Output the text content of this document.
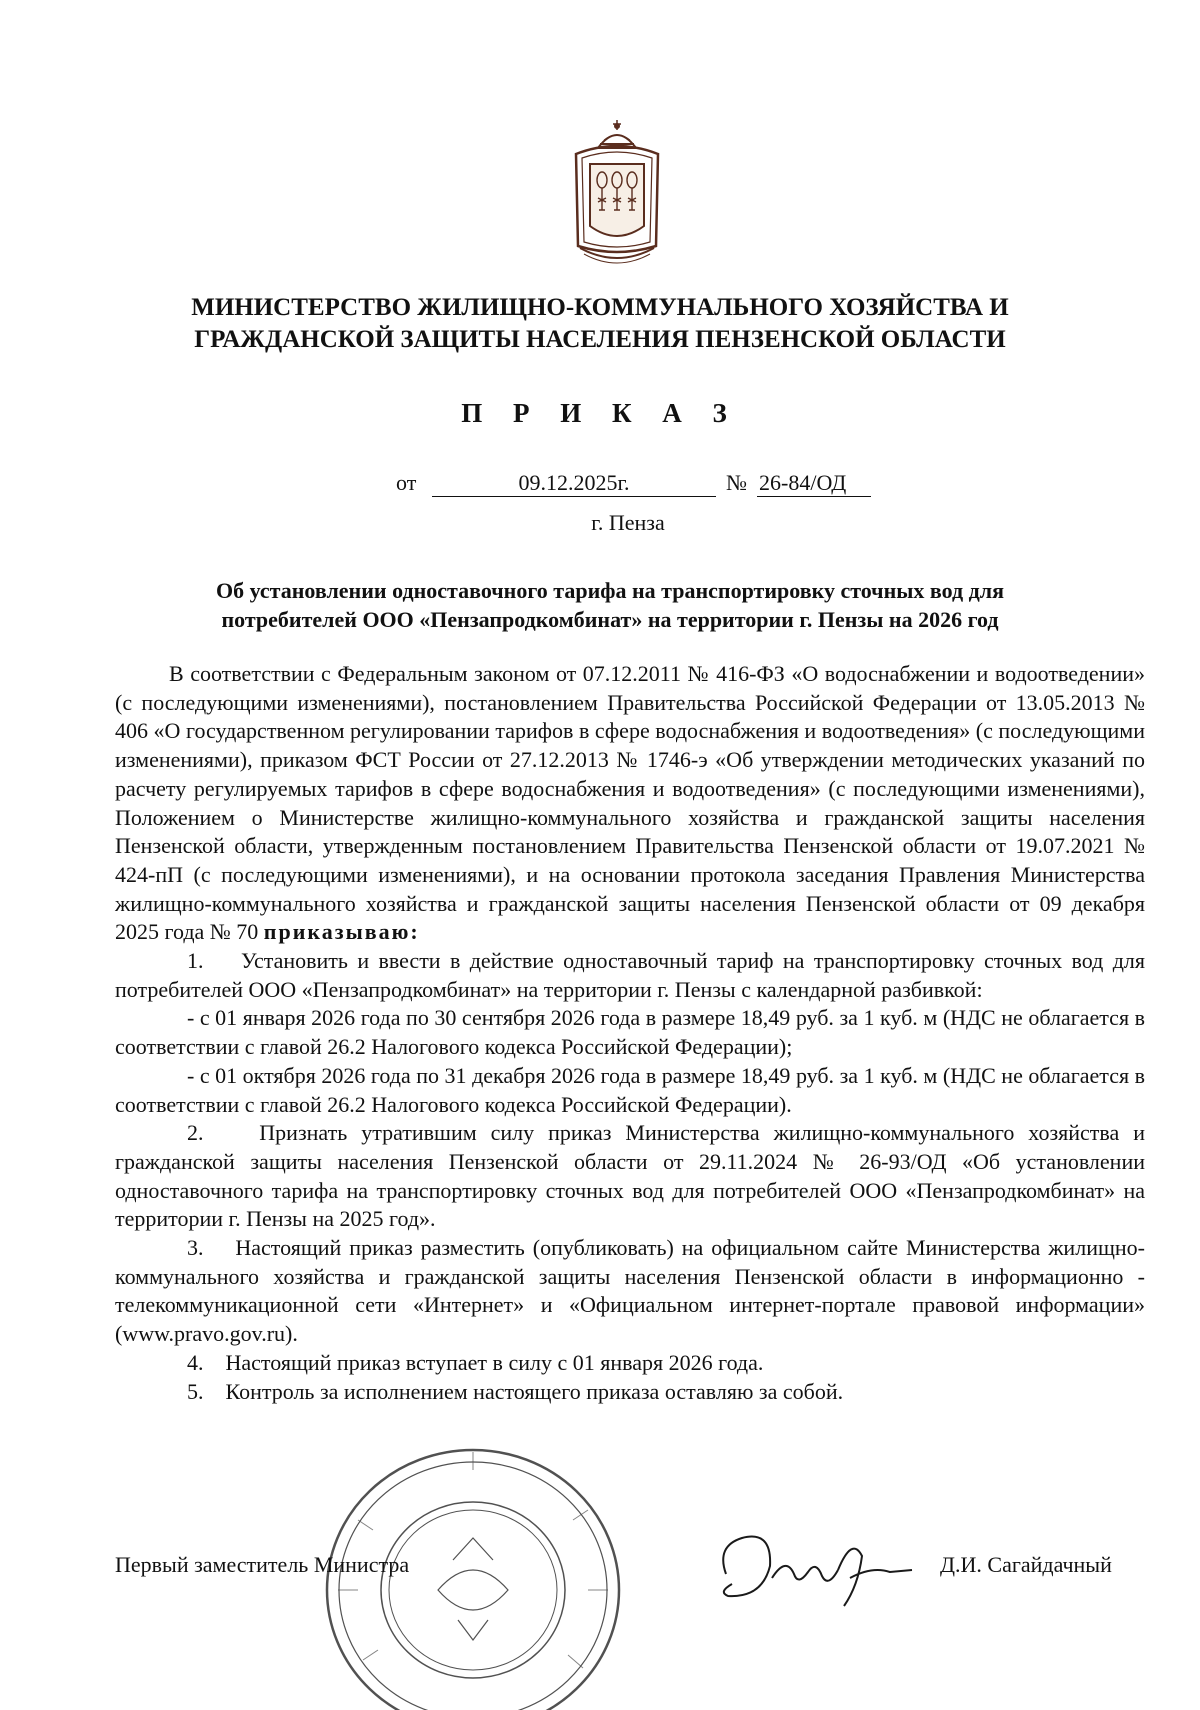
МИНИСТЕРСТВО ЖИЛИЩНО-КОММУНАЛЬНОГО ХОЗЯЙСТВА И
ГРАЖДАНСКОЙ ЗАЩИТЫ НАСЕЛЕНИЯ ПЕНЗЕНСКОЙ ОБЛАСТИ
П Р И К А З
от	09.12.2025г.	№ 26-84/ОД
г. Пенза
Об установлении одноставочного тарифа на транспортировку сточных вод для
потребителей ООО «Пензапродкомбинат» на территории г. Пензы на 2026 год

В соответствии с Федеральным законом от 07.12.2011 № 416-ФЗ «О водоснабжении и водоотведении» (с последующими изменениями), постановлением Правительства Российской Федерации от 13.05.2013 № 406 «О государственном регулировании тарифов в сфере водоснабжения и водоотведения» (с последующими изменениями), приказом ФСТ России от 27.12.2013 № 1746-э «Об утверждении методических указаний по расчету регулируемых тарифов в сфере водоснабжения и водоотведения» (с последующими изменениями), Положением о Министерстве жилищно-коммунального хозяйства и гражданской защиты населения Пензенской области, утвержденным постановлением Правительства Пензенской области от 19.07.2021 № 424-пП (с последующими изменениями), и на основании протокола заседания Правления Министерства жилищно-коммунального хозяйства и гражданской защиты населения Пензенской области от 09 декабря 2025 года № 70 приказываю:

1. Установить и ввести в действие одноставочный тариф на транспортировку сточных вод для потребителей ООО «Пензапродкомбинат» на территории г. Пензы с календарной разбивкой:

- с 01 января 2026 года по 30 сентября 2026 года в размере 18,49 руб. за 1 куб. м (НДС не облагается в соответствии с главой 26.2 Налогового кодекса Российской Федерации);

- с 01 октября 2026 года по 31 декабря 2026 года в размере 18,49 руб. за 1 куб. м (НДС не облагается в соответствии с главой 26.2 Налогового кодекса Российской Федерации).

2.	Признать утратившим силу приказ Министерства жилищно-коммунального хозяйства и гражданской защиты населения Пензенской области от 29.11.2024 № 26-93/ОД «Об установлении одноставочного тарифа на транспортировку сточных вод для потребителей ООО «Пензапродкомбинат» на территории г. Пензы на 2025 год».

3. Настоящий приказ разместить (опубликовать) на официальном сайте Министерства жилищно-коммунального хозяйства и гражданской защиты населения Пензенской области в информационно - телекоммуникационной сети «Интернет» и «Официальном интернет-портале правовой информации» (www.pravo.gov.ru).

4. Настоящий приказ вступает в силу с 01 января 2026 года.

5. Контроль за исполнением настоящего приказа оставляю за собой.

Первый заместитель Министра	Д.И. Сагайдачный
